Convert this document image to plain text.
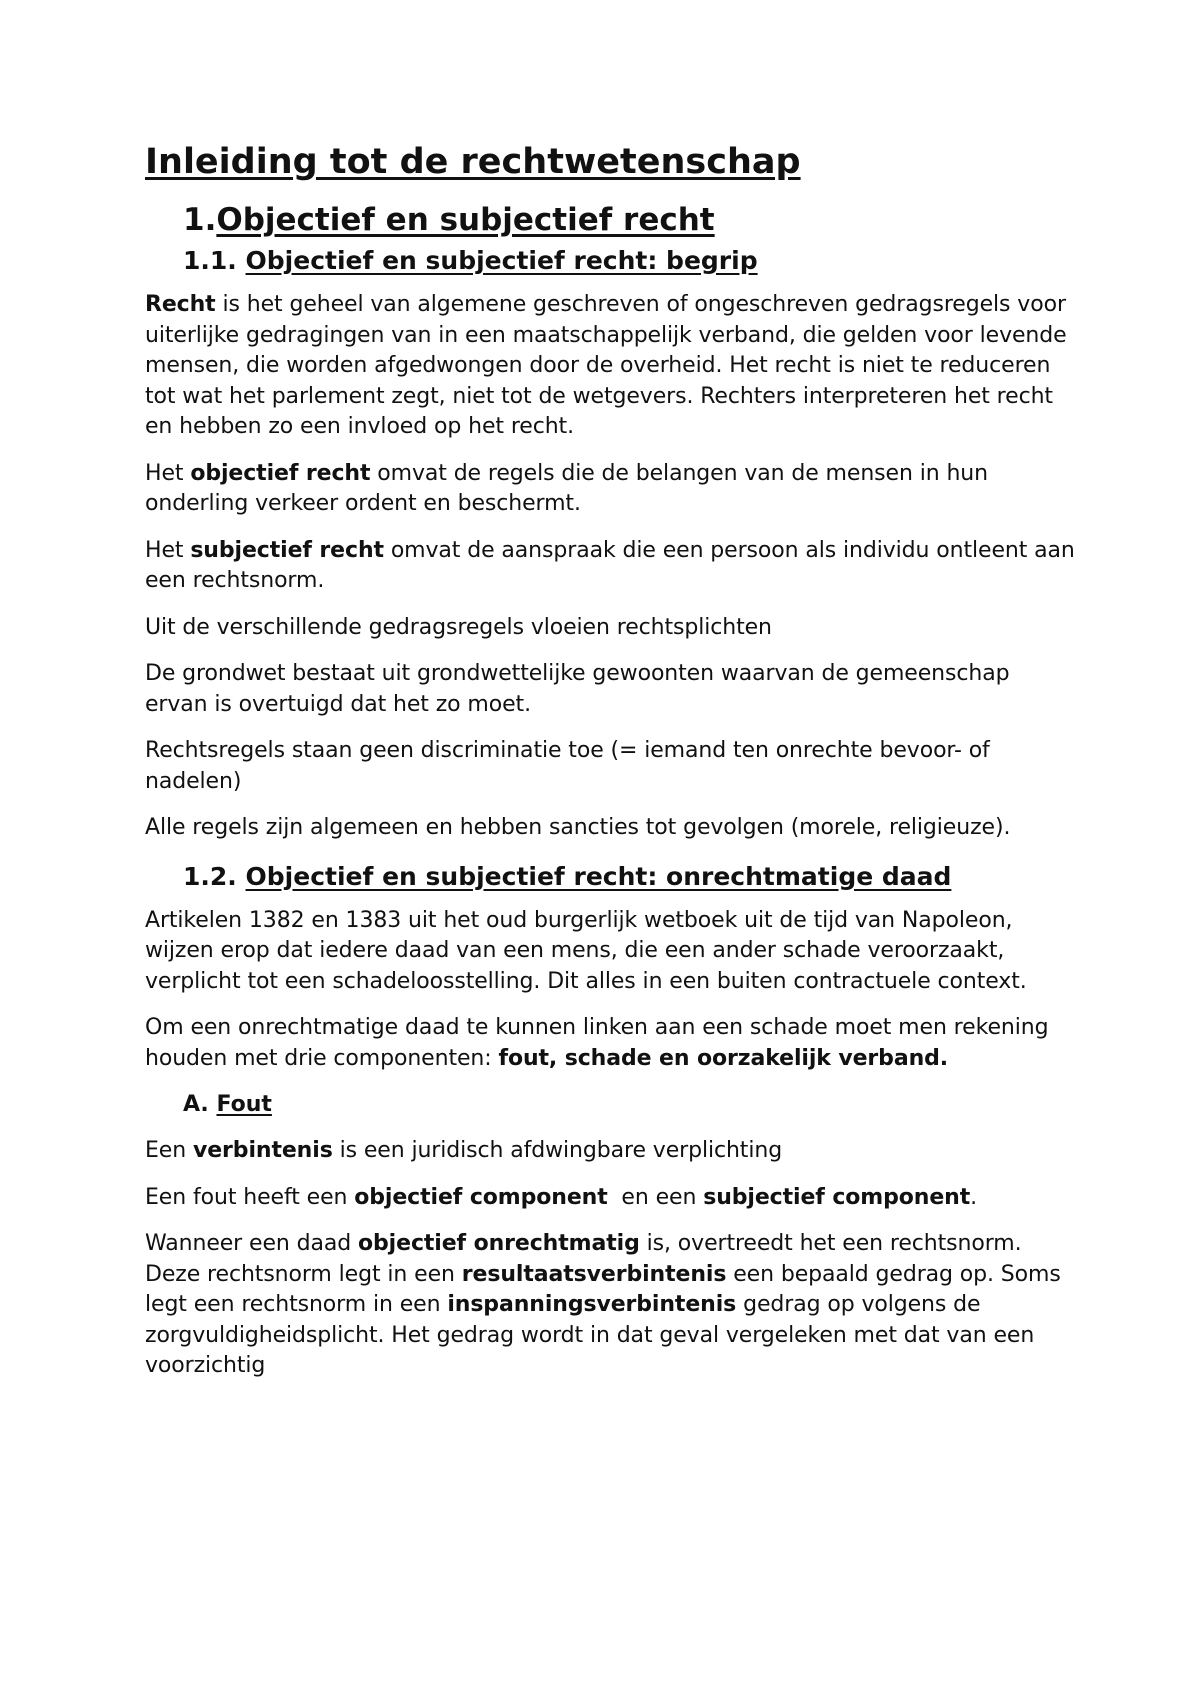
Inleiding tot de rechtwetenschap
1.Objectief en subjectief recht
1.1. Objectief en subjectief recht: begrip

Recht is het geheel van algemene geschreven of ongeschreven gedragsregels voor uiterlijke gedragingen van in een maatschappelijk verband, die gelden voor levende mensen, die worden afgedwongen door de overheid. Het recht is niet te reduceren tot wat het parlement zegt, niet tot de wetgevers. Rechters interpreteren het recht en hebben zo een invloed op het recht.

Het objectief recht omvat de regels die de belangen van de mensen in hun onderling verkeer ordent en beschermt.

Het subjectief recht omvat de aanspraak die een persoon als individu ontleent aan een rechtsnorm.

Uit de verschillende gedragsregels vloeien rechtsplichten

De grondwet bestaat uit grondwettelijke gewoonten waarvan de gemeenschap ervan is overtuigd dat het zo moet.

Rechtsregels staan geen discriminatie toe (= iemand ten onrechte bevoor- of nadelen)

Alle regels zijn algemeen en hebben sancties tot gevolgen (morele, religieuze).

1.2. Objectief en subjectief recht: onrechtmatige daad

Artikelen 1382 en 1383 uit het oud burgerlijk wetboek uit de tijd van Napoleon, wijzen erop dat iedere daad van een mens, die een ander schade veroorzaakt, verplicht tot een schadeloosstelling. Dit alles in een buiten contractuele context.

Om een onrechtmatige daad te kunnen linken aan een schade moet men rekening houden met drie componenten: fout, schade en oorzakelijk verband.

A. Fout

Een verbintenis is een juridisch afdwingbare verplichting

Een fout heeft een objectief component  en een subjectief component.

Wanneer een daad objectief onrechtmatig is, overtreedt het een rechtsnorm. Deze rechtsnorm legt in een resultaatsverbintenis een bepaald gedrag op. Soms legt een rechtsnorm in een inspanningsverbintenis gedrag op volgens de zorgvuldigheidsplicht. Het gedrag wordt in dat geval vergeleken met dat van een voorzichtig
